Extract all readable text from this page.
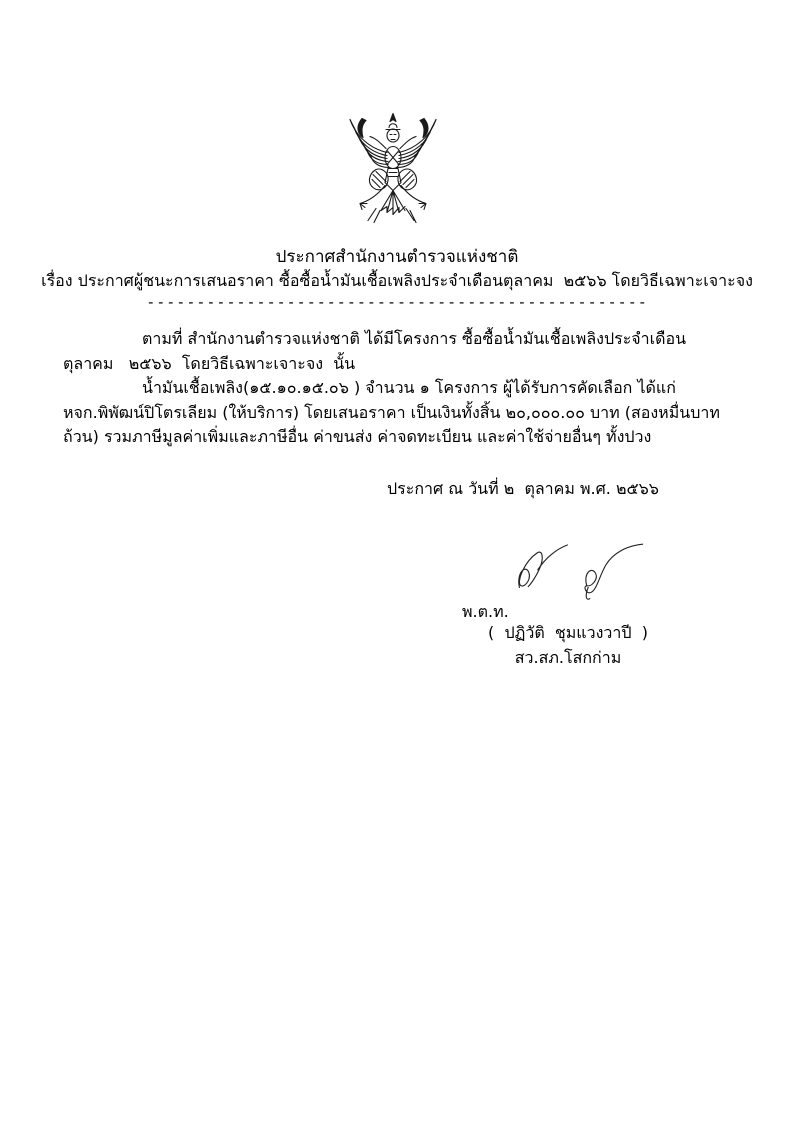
ประกาศสำนักงานตำรวจแห่งชาติ
เรื่อง ประกาศผู้ชนะการเสนอราคา ซื้อซื้อน้ำมันเชื้อเพลิงประจำเดือนตุลาคม  ๒๕๖๖ โดยวิธีเฉพาะเจาะจง
--------------------------------------------------

ตามที่ สำนักงานตำรวจแห่งชาติ ได้มีโครงการ ซื้อซื้อน้ำมันเชื้อเพลิงประจำเดือนตุลาคม   ๒๕๖๖  โดยวิธีเฉพาะเจาะจง  นั้น

น้ำมันเชื้อเพลิง(๑๕.๑๐.๑๕.๐๖ ) จำนวน ๑ โครงการ ผู้ได้รับการคัดเลือก ได้แก่ หจก.พิพัฒน์ปิโตรเลียม (ให้บริการ) โดยเสนอราคา เป็นเงินทั้งสิ้น ๒๐,๐๐๐.๐๐ บาท (สองหมื่นบาทถ้วน) รวมภาษีมูลค่าเพิ่มและภาษีอื่น ค่าขนส่ง ค่าจดทะเบียน และค่าใช้จ่ายอื่นๆ ทั้งปวง

ประกาศ ณ วันที่ ๒  ตุลาคม พ.ศ. ๒๕๖๖
พ.ต.ท.
(  ปฏิวัติ  ชุมแวงวาปี  )
สว.สภ.โสกก่าม
